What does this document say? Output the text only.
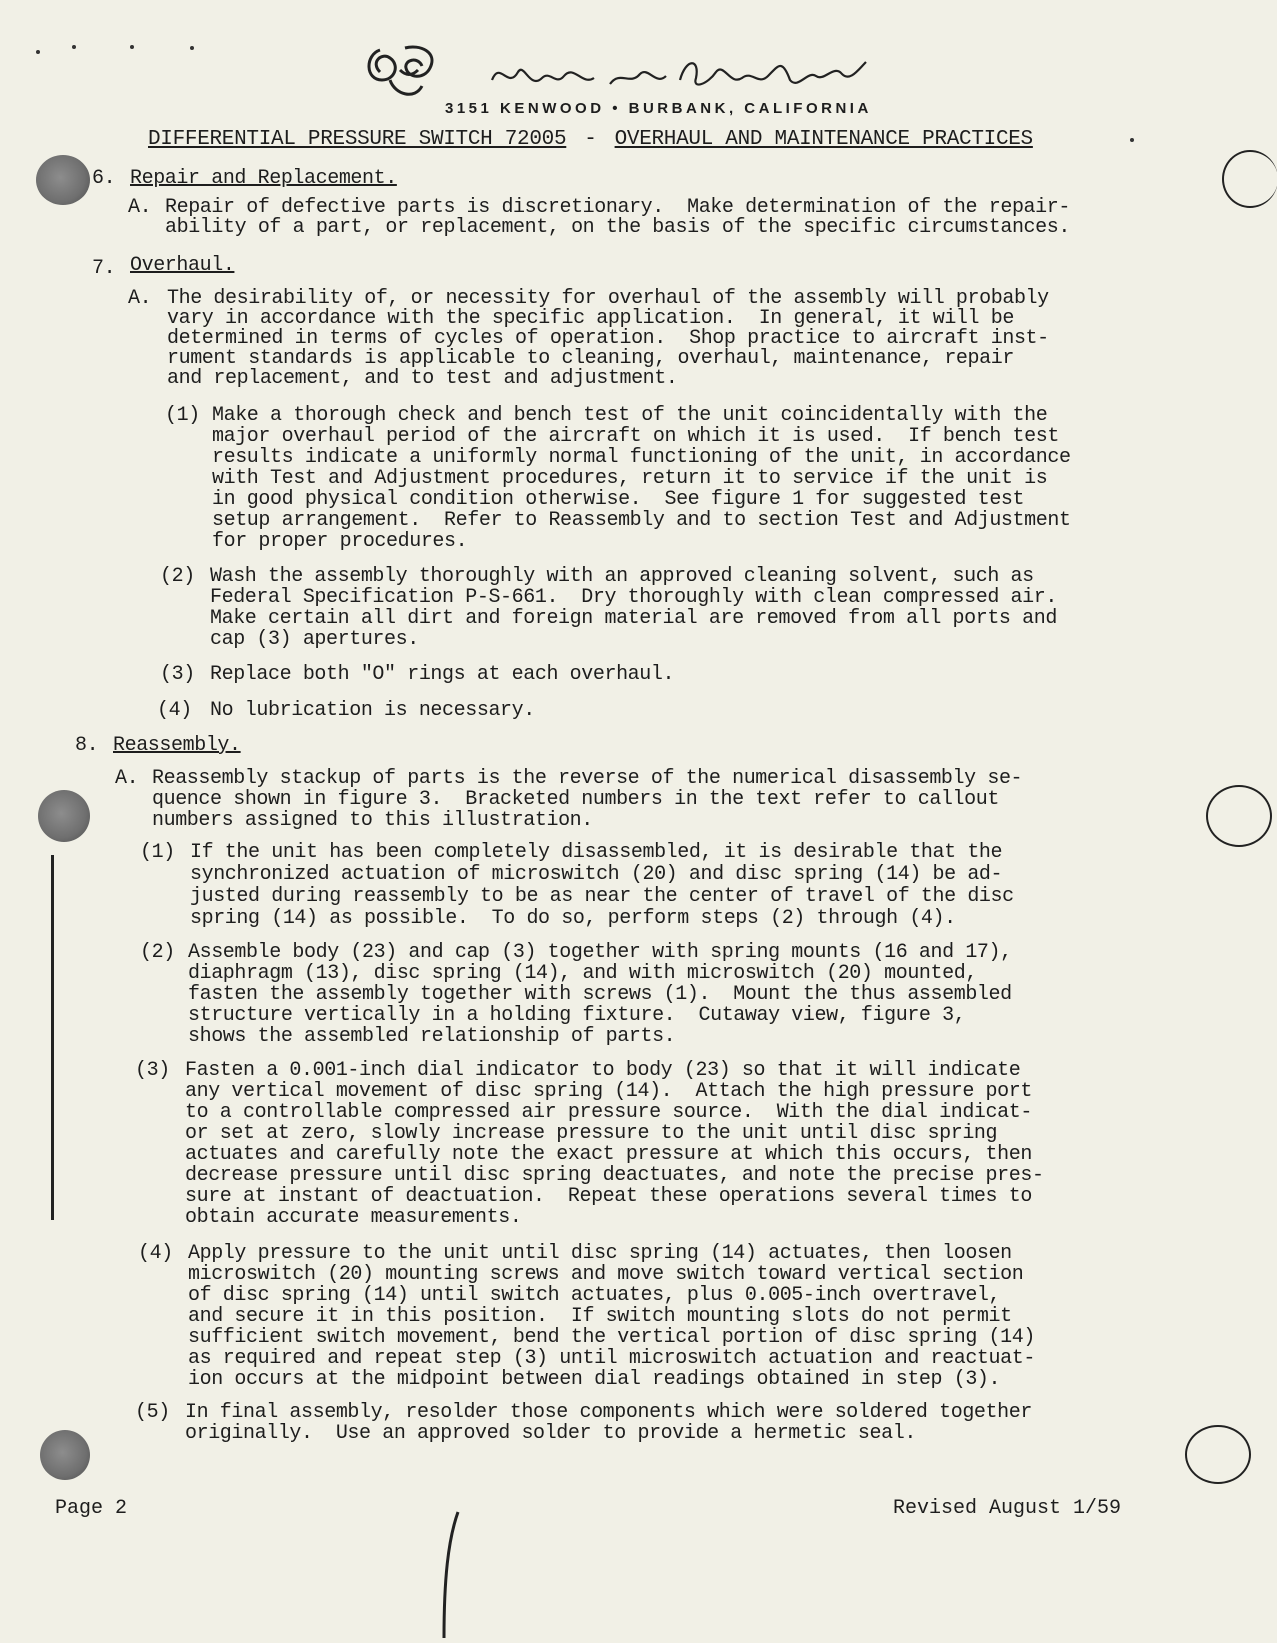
3151 KENWOOD • BURBANK, CALIFORNIA
DIFFERENTIAL PRESSURE SWITCH 72005 - OVERHAUL AND MAINTENANCE PRACTICES
6. Repair and Replacement.
A. Repair of defective parts is discretionary.  Make determination of the repair-
ability of a part, or replacement, on the basis of the specific circumstances.
7. Overhaul.
A. The desirability of, or necessity for overhaul of the assembly will probably
vary in accordance with the specific application.  In general, it will be
determined in terms of cycles of operation.  Shop practice to aircraft inst-
rument standards is applicable to cleaning, overhaul, maintenance, repair
and replacement, and to test and adjustment.
(1) Make a thorough check and bench test of the unit coincidentally with the
major overhaul period of the aircraft on which it is used.  If bench test
results indicate a uniformly normal functioning of the unit, in accordance
with Test and Adjustment procedures, return it to service if the unit is
in good physical condition otherwise.  See figure 1 for suggested test
setup arrangement.  Refer to Reassembly and to section Test and Adjustment
for proper procedures.
(2) Wash the assembly thoroughly with an approved cleaning solvent, such as
Federal Specification P-S-661.  Dry thoroughly with clean compressed air.
Make certain all dirt and foreign material are removed from all ports and
cap (3) apertures.
(3) Replace both "O" rings at each overhaul.
(4) No lubrication is necessary.
8. Reassembly.
A. Reassembly stackup of parts is the reverse of the numerical disassembly se-
quence shown in figure 3.  Bracketed numbers in the text refer to callout
numbers assigned to this illustration.
(1) If the unit has been completely disassembled, it is desirable that the
synchronized actuation of microswitch (20) and disc spring (14) be ad-
justed during reassembly to be as near the center of travel of the disc
spring (14) as possible.  To do so, perform steps (2) through (4).
(2) Assemble body (23) and cap (3) together with spring mounts (16 and 17),
diaphragm (13), disc spring (14), and with microswitch (20) mounted,
fasten the assembly together with screws (1).  Mount the thus assembled
structure vertically in a holding fixture.  Cutaway view, figure 3,
shows the assembled relationship of parts.
(3) Fasten a 0.001-inch dial indicator to body (23) so that it will indicate
any vertical movement of disc spring (14).  Attach the high pressure port
to a controllable compressed air pressure source.  With the dial indicat-
or set at zero, slowly increase pressure to the unit until disc spring
actuates and carefully note the exact pressure at which this occurs, then
decrease pressure until disc spring deactuates, and note the precise pres-
sure at instant of deactuation.  Repeat these operations several times to
obtain accurate measurements.
(4) Apply pressure to the unit until disc spring (14) actuates, then loosen
microswitch (20) mounting screws and move switch toward vertical section
of disc spring (14) until switch actuates, plus 0.005-inch overtravel,
and secure it in this position.  If switch mounting slots do not permit
sufficient switch movement, bend the vertical portion of disc spring (14)
as required and repeat step (3) until microswitch actuation and reactuat-
ion occurs at the midpoint between dial readings obtained in step (3).
(5) In final assembly, resolder those components which were soldered together
originally.  Use an approved solder to provide a hermetic seal.
Page 2	Revised August 1/59
